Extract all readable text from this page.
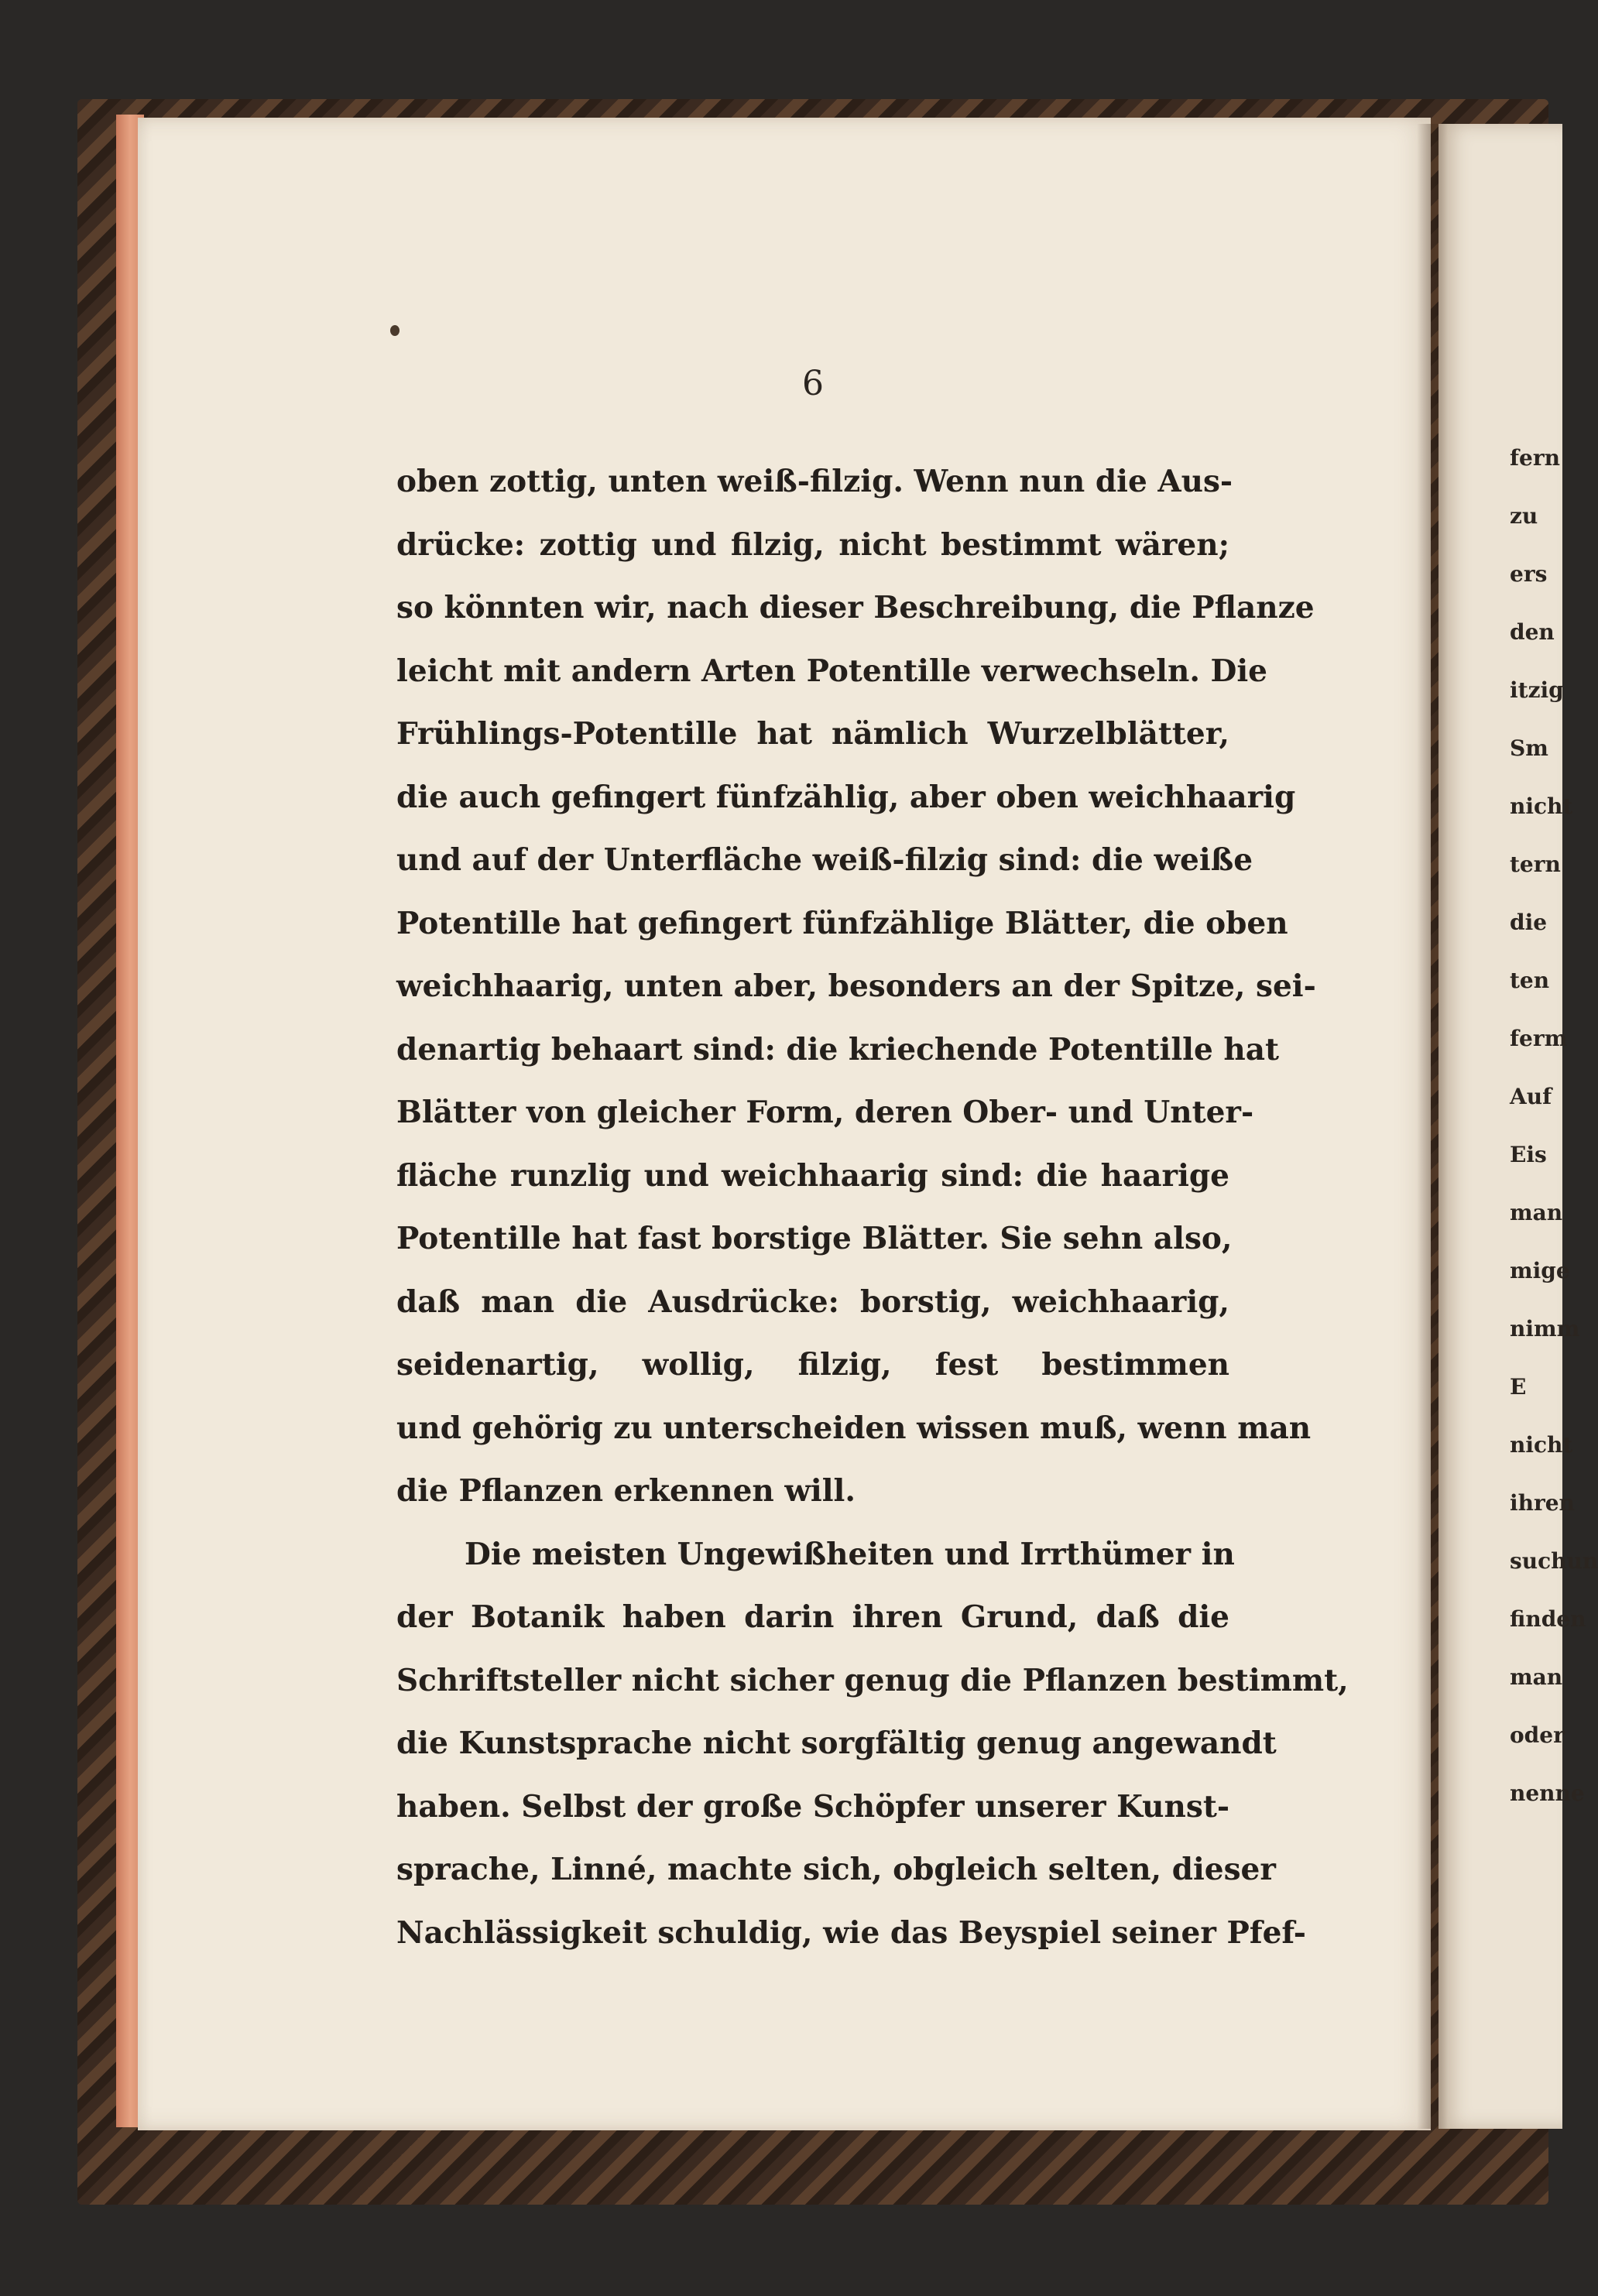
6
oben zottig, unten weiß-filzig. Wenn nun die Aus-
drücke: zottig und filzig, nicht bestimmt wären;
so könnten wir, nach dieser Beschreibung, die Pflanze
leicht mit andern Arten Potentille verwechseln. Die
Frühlings-Potentille hat nämlich Wurzelblätter,
die auch gefingert fünfzählig, aber oben weichhaarig
und auf der Unterfläche weiß-filzig sind: die weiße
Potentille hat gefingert fünfzählige Blätter, die oben
weichhaarig, unten aber, besonders an der Spitze, sei-
denartig behaart sind: die kriechende Potentille hat
Blätter von gleicher Form, deren Ober- und Unter-
fläche runzlig und weichhaarig sind: die haarige
Potentille hat fast borstige Blätter. Sie sehn also,
daß man die Ausdrücke: borstig, weichhaarig,
seidenartig, wollig, filzig, fest bestimmen
und gehörig zu unterscheiden wissen muß, wenn man
die Pflanzen erkennen will.
Die meisten Ungewißheiten und Irrthümer in
der Botanik haben darin ihren Grund, daß die
Schriftsteller nicht sicher genug die Pflanzen bestimmt,
die Kunstsprache nicht sorgfältig genug angewandt
haben. Selbst der große Schöpfer unserer Kunst-
sprache, Linné, machte sich, obgleich selten, dieser
Nachlässigkeit schuldig, wie das Beyspiel seiner Pfef-
fern
zu
ers
den
itzig
Sm
nicht
tern
die
ten
ferm
Auf
Eis
man
mige
nimm
E
nicht
ihren
suchun
finden
man
oder
nenne
